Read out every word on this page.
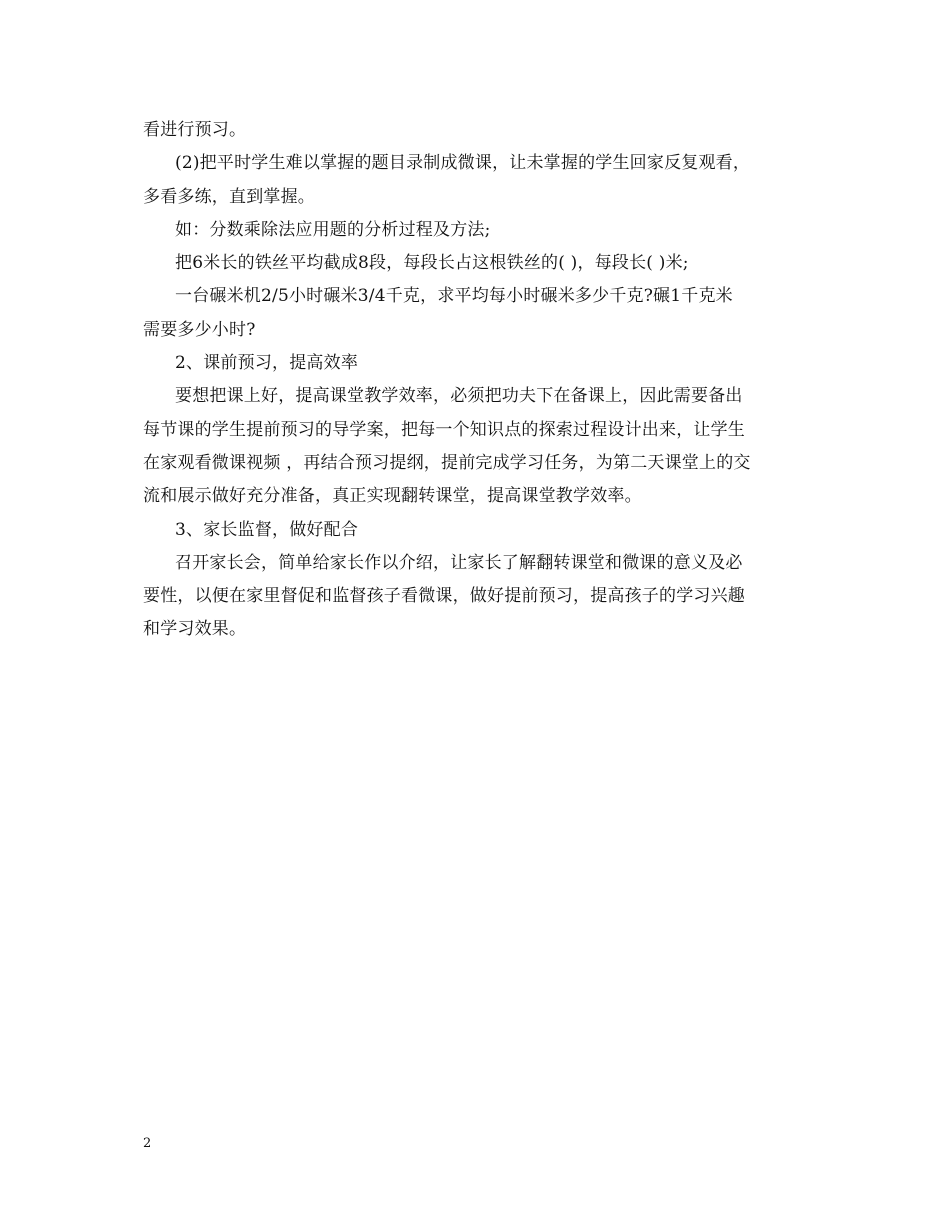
看进行预习。
(2)把平时学生难以掌握的题目录制成微课，让未掌握的学生回家反复观看，
多看多练，直到掌握。
如：分数乘除法应用题的分析过程及方法;
把6米长的铁丝平均截成8段，每段长占这根铁丝的( )，每段长( )米;
一台碾米机2/5小时碾米3/4千克，求平均每小时碾米多少千克?碾1千克米
需要多少小时?
2、课前预习，提高效率
要想把课上好，提高课堂教学效率，必须把功夫下在备课上，因此需要备出
每节课的学生提前预习的导学案，把每一个知识点的探索过程设计出来，让学生
在家观看微课视频 ，再结合预习提纲，提前完成学习任务，为第二天课堂上的交
流和展示做好充分准备，真正实现翻转课堂，提高课堂教学效率。
3、家长监督，做好配合
召开家长会，简单给家长作以介绍，让家长了解翻转课堂和微课的意义及必
要性，以便在家里督促和监督孩子看微课，做好提前预习，提高孩子的学习兴趣
和学习效果。
2
